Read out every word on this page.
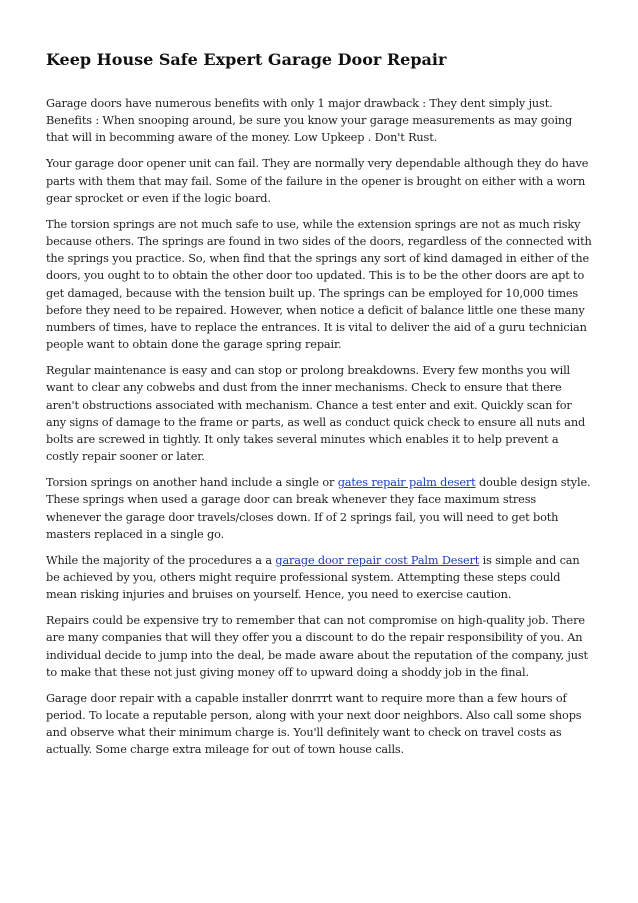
Keep House Safe Expert Garage Door Repair

Garage doors have numerous benefits with only 1 major drawback : They dent simply just. Benefits : When snooping around, be sure you know your garage measurements as may going that will in becomming aware of the money. Low Upkeep . Don't Rust.

Your garage door opener unit can fail. They are normally very dependable although they do have parts with them that may fail. Some of the failure in the opener is brought on either with a worn gear sprocket or even if the logic board.

The torsion springs are not much safe to use, while the extension springs are not as much risky because others. The springs are found in two sides of the doors, regardless of the connected with the springs you practice. So, when find that the springs any sort of kind damaged in either of the doors, you ought to to obtain the other door too updated. This is to be the other doors are apt to get damaged, because with the tension built up. The springs can be employed for 10,000 times before they need to be repaired. However, when notice a deficit of balance little one these many numbers of times, have to replace the entrances. It is vital to deliver the aid of a guru technician people want to obtain done the garage spring repair.

Regular maintenance is easy and can stop or prolong breakdowns. Every few months you will want to clear any cobwebs and dust from the inner mechanisms. Check to ensure that there aren't obstructions associated with mechanism. Chance a test enter and exit. Quickly scan for any signs of damage to the frame or parts, as well as conduct quick check to ensure all nuts and bolts are screwed in tightly. It only takes several minutes which enables it to help prevent a costly repair sooner or later.

Torsion springs on another hand include a single or gates repair palm desert double design style. These springs when used a garage door can break whenever they face maximum stress whenever the garage door travels/closes down. If of 2 springs fail, you will need to get both masters replaced in a single go.

While the majority of the procedures a a garage door repair cost Palm Desert is simple and can be achieved by you, others might require professional system. Attempting these steps could mean risking injuries and bruises on yourself. Hence, you need to exercise caution.

Repairs could be expensive try to remember that can not compromise on high-quality job. There are many companies that will they offer you a discount to do the repair responsibility of you. An individual decide to jump into the deal, be made aware about the reputation of the company, just to make that these not just giving money off to upward doing a shoddy job in the final.

Garage door repair with a capable installer donrrrt want to require more than a few hours of period. To locate a reputable person, along with your next door neighbors. Also call some shops and observe what their minimum charge is. You'll definitely want to check on travel costs as actually. Some charge extra mileage for out of town house calls.
